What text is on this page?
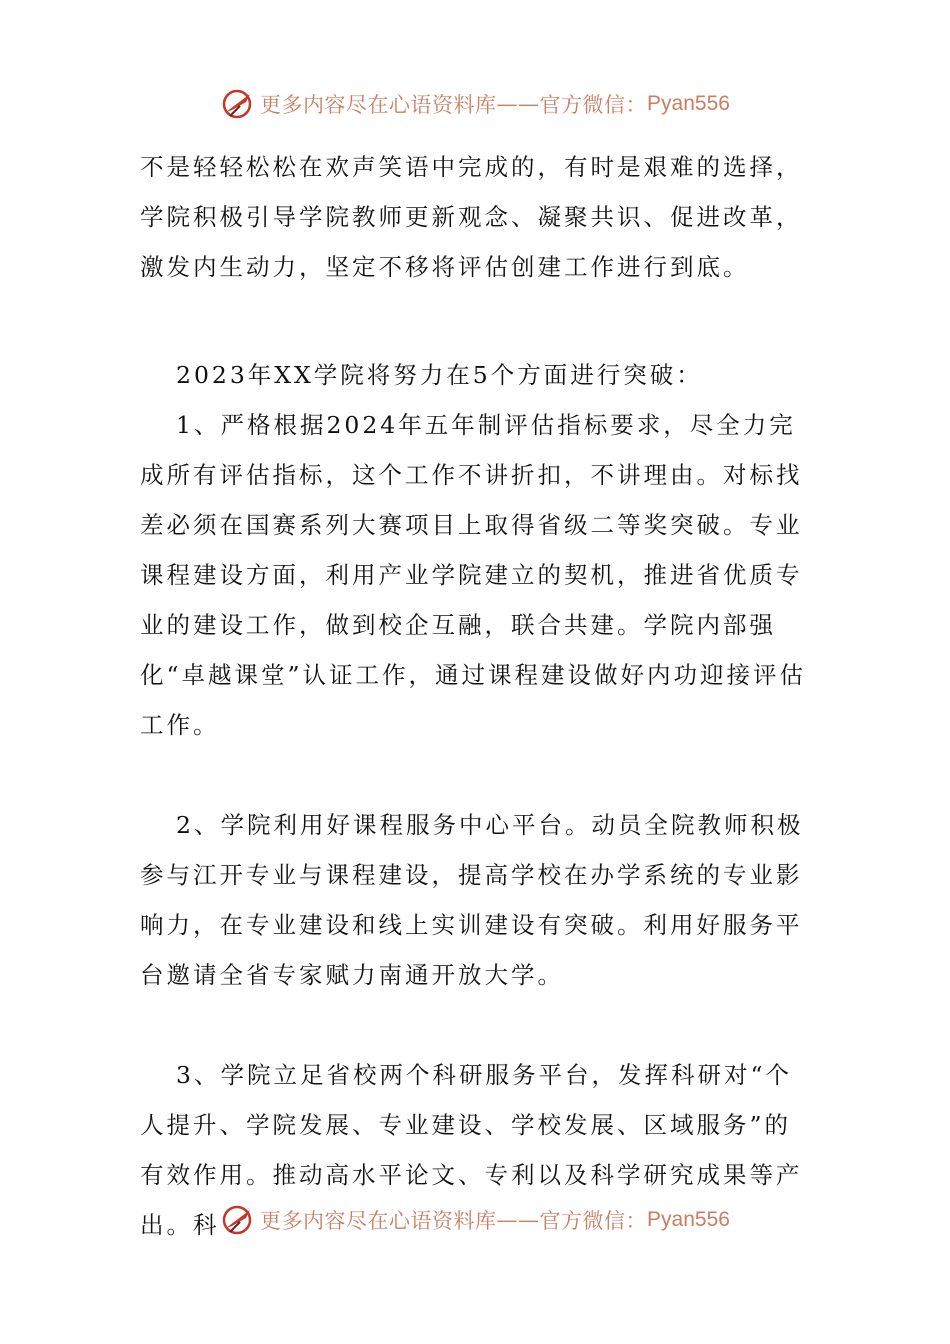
更多内容尽在心语资料库 —— 官方微信： Pyan556

不是轻轻松松在欢声笑语中完成的，有时是艰难的选择，学院积极引导学院教师更新观念、凝聚共识、促进改革，激发内生动力，坚定不移将评估创建工作进行到底。

2023年XX学院将努力在5个方面进行突破：

1、严格根据2024年五年制评估指标要求，尽全力完成所有评估指标，这个工作不讲折扣，不讲理由。对标找差必须在国赛系列大赛项目上取得省级二等奖突破。专业课程建设方面，利用产业学院建立的契机，推进省优质专业的建设工作，做到校企互融，联合共建。学院内部强化“卓越课堂”认证工作，通过课程建设做好内功迎接评估工作。

2、学院利用好课程服务中心平台。动员全院教师积极参与江开专业与课程建设，提高学校在办学系统的专业影响力，在专业建设和线上实训建设有突破。利用好服务平台邀请全省专家赋力南通开放大学。

3、学院立足省校两个科研服务平台，发挥科研对“个人提升、学院发展、专业建设、学校发展、区域服务”的有效作用。推动高水平论文、专利以及科学研究成果等产出。科	更多内容尽在心语资料库 —— 官方微信： Pyan556
